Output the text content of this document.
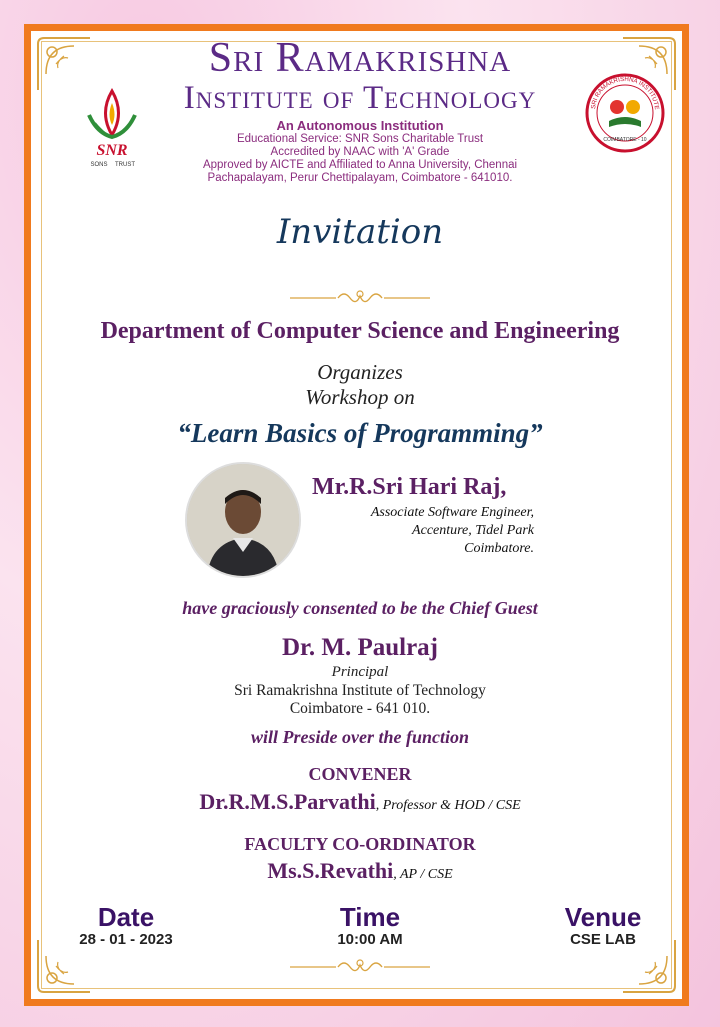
SNR
SONS TRUST
SRI RAMAKRISHNA INSTITUTE
COIMBATORE - 10
Sri Ramakrishna
Institute of Technology
An Autonomous Institution
Educational Service: SNR Sons Charitable Trust
Accredited by NAAC with 'A' Grade
Approved by AICTE and Affiliated to Anna University, Chennai
Pachapalayam, Perur Chettipalayam, Coimbatore - 641010.
Invitation
Department of Computer Science and Engineering
Organizes
Workshop on
“Learn Basics of Programming”
Mr.R.Sri Hari Raj,
Associate Software Engineer,
Accenture, Tidel Park
Coimbatore.
have graciously consented to be the Chief Guest
Dr. M. Paulraj
Principal
Sri Ramakrishna Institute of Technology
Coimbatore - 641 010.
will Preside over the function
CONVENER
Dr.R.M.S.Parvathi, Professor & HOD / CSE
FACULTY CO-ORDINATOR
Ms.S.Revathi, AP / CSE
Date
28 - 01 - 2023
Time
10:00 AM
Venue
CSE LAB
